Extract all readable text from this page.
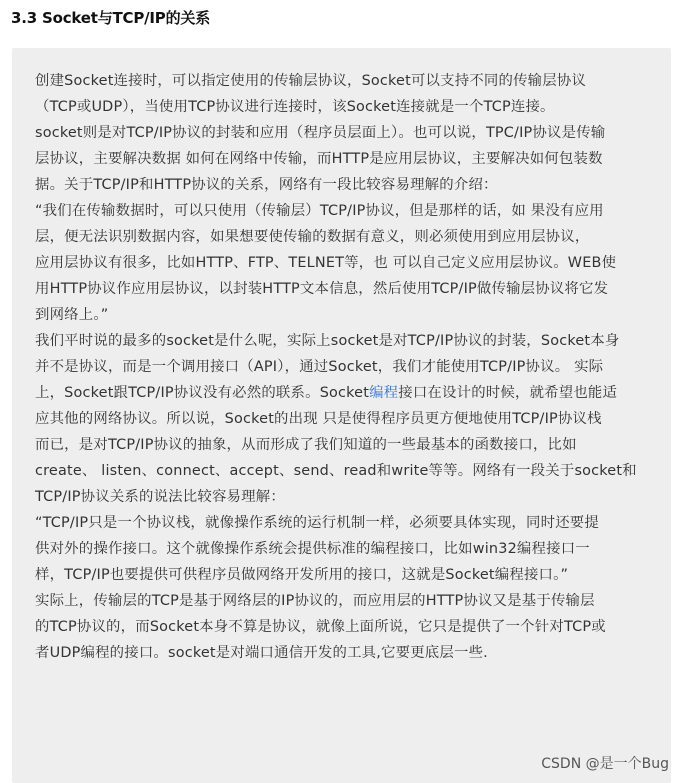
3.3 Socket与TCP/IP的关系

创建Socket连接时，可以指定使用的传输层协议，Socket可以支持不同的传输层协议

（TCP或UDP），当使用TCP协议进行连接时，该Socket连接就是一个TCP连接。

socket则是对TCP/IP协议的封装和应用（程序员层面上）。也可以说，TPC/IP协议是传输

层协议，主要解决数据 如何在网络中传输，而HTTP是应用层协议，主要解决如何包装数

据。关于TCP/IP和HTTP协议的关系，网络有一段比较容易理解的介绍：

“我们在传输数据时，可以只使用（传输层）TCP/IP协议，但是那样的话，如 果没有应用

层，便无法识别数据内容，如果想要使传输的数据有意义，则必须使用到应用层协议，

应用层协议有很多，比如HTTP、FTP、TELNET等，也 可以自己定义应用层协议。WEB使

用HTTP协议作应用层协议，以封装HTTP文本信息，然后使用TCP/IP做传输层协议将它发

到网络上。”

我们平时说的最多的socket是什么呢，实际上socket是对TCP/IP协议的封装，Socket本身

并不是协议，而是一个调用接口（API），通过Socket，我们才能使用TCP/IP协议。 实际

上，Socket跟TCP/IP协议没有必然的联系。Socket编程接口在设计的时候，就希望也能适

应其他的网络协议。所以说，Socket的出现 只是使得程序员更方便地使用TCP/IP协议栈

而已，是对TCP/IP协议的抽象，从而形成了我们知道的一些最基本的函数接口，比如

create、 listen、connect、accept、send、read和write等等。网络有一段关于socket和

TCP/IP协议关系的说法比较容易理解：

“TCP/IP只是一个协议栈，就像操作系统的运行机制一样，必须要具体实现，同时还要提

供对外的操作接口。这个就像操作系统会提供标准的编程接口，比如win32编程接口一

样，TCP/IP也要提供可供程序员做网络开发所用的接口，这就是Socket编程接口。”

实际上，传输层的TCP是基于网络层的IP协议的，而应用层的HTTP协议又是基于传输层

的TCP协议的，而Socket本身不算是协议，就像上面所说，它只是提供了一个针对TCP或

者UDP编程的接口。socket是对端口通信开发的工具,它要更底层一些.

CSDN @是一个Bug
